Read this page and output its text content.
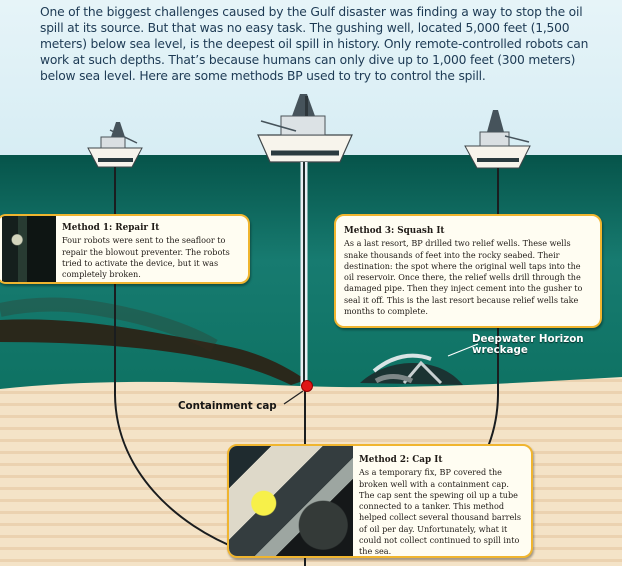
One of the biggest challenges caused by the Gulf disaster was finding a way to stop the oil spill at its source. But that was no easy task. The gushing well, located 5,000 feet (1,500 meters) below sea level, is the deepest oil spill in history. Only remote-controlled robots can work at such depths. That’s because humans can only dive up to 1,000 feet (300 meters) below sea level. Here are some methods BP used to try to control the spill.

Method 1: Repair It
Four robots were sent to the seafloor to repair the blowout preventer. The robots tried to activate the device, but it was completely broken.
Method 3: Squash It
As a last resort, BP drilled two relief wells. These wells snake thousands of feet into the rocky seabed. Their destination: the spot where the original well taps into the oil reservoir. Once there, the relief wells drill through the damaged pipe. Then they inject cement into the gusher to seal it off. This is the last resort because relief wells take months to complete.
Containment cap
Deepwater Horizon
wreckage
Method 2: Cap It
As a temporary fix, BP covered the broken well with a containment cap. The cap sent the spewing oil up a tube connected to a tanker. This method helped collect several thousand barrels of oil per day. Unfortunately, what it could not collect continued to spill into the sea.
